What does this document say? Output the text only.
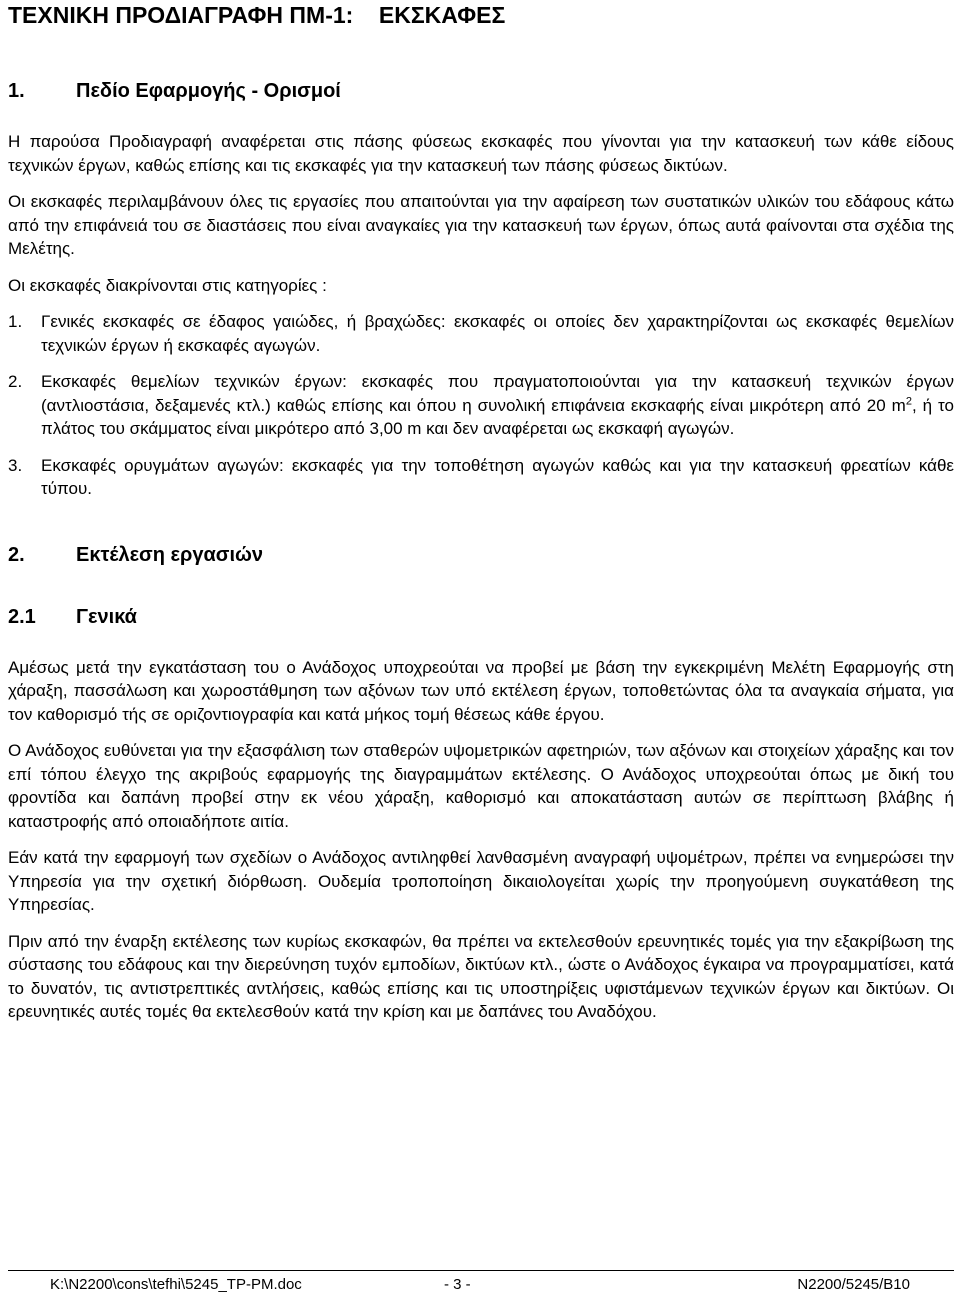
ΤΕΧΝΙΚΗ ΠΡΟΔΙΑΓΡΑΦΗ ΠΜ-1:    ΕΚΣΚΑΦΕΣ
1.	Πεδίο Εφαρμογής - Ορισμοί

Η παρούσα Προδιαγραφή αναφέρεται στις πάσης φύσεως εκσκαφές που γίνονται για την κατασκευή των κάθε είδους τεχνικών έργων, καθώς επίσης και τις εκσκαφές για την κατασκευή των πάσης φύσεως δικτύων.

Οι εκσκαφές περιλαμβάνουν όλες τις εργασίες που απαιτούνται για την αφαίρεση των συστατικών υλικών του εδάφους κάτω από την επιφάνειά του σε διαστάσεις που είναι αναγκαίες για την κατασκευή των έργων, όπως αυτά φαίνονται στα σχέδια της Μελέτης.

Οι εκσκαφές διακρίνονται στις κατηγορίες :

1.	Γενικές εκσκαφές σε έδαφος γαιώδες, ή βραχώδες: εκσκαφές οι οποίες δεν χαρακτηρίζονται ως εκσκαφές θεμελίων τεχνικών έργων ή εκσκαφές αγωγών.
2.	Εκσκαφές θεμελίων τεχνικών έργων: εκσκαφές που πραγματοποιούνται για την κατασκευή τεχνικών έργων (αντλιοστάσια, δεξαμενές κτλ.) καθώς επίσης και όπου η συνολική επιφάνεια εκσκαφής είναι μικρότερη από 20 $m^2$, ή το πλάτος του σκάμματος είναι μικρότερο από 3,00 m και δεν αναφέρεται ως εκσκαφή αγωγών.
3.	Εκσκαφές ορυγμάτων αγωγών: εκσκαφές για την τοποθέτηση αγωγών καθώς και για την κατασκευή φρεατίων κάθε τύπου.
2.	Εκτέλεση εργασιών
2.1	Γενικά

Αμέσως μετά την εγκατάσταση του ο Ανάδοχος υποχρεούται να προβεί με βάση την εγκεκριμένη Μελέτη Εφαρμογής στη χάραξη, πασσάλωση και χωροστάθμηση των αξόνων των υπό εκτέλεση έργων, τοποθετώντας όλα τα αναγκαία σήματα, για τον καθορισμό τής σε οριζοντιογραφία και κατά μήκος τομή θέσεως κάθε έργου.

Ο Ανάδοχος ευθύνεται για την εξασφάλιση των σταθερών υψομετρικών αφετηριών, των αξόνων και στοιχείων χάραξης και τον επί τόπου έλεγχο της ακριβούς εφαρμογής της διαγραμμάτων εκτέλεσης. Ο Ανάδοχος υποχρεούται όπως με δική του φροντίδα και δαπάνη προβεί στην εκ νέου χάραξη, καθορισμό και αποκατάσταση αυτών σε περίπτωση βλάβης ή καταστροφής από οποιαδήποτε αιτία.

Εάν κατά την εφαρμογή των σχεδίων ο Ανάδοχος αντιληφθεί λανθασμένη αναγραφή υψομέτρων, πρέπει να ενημερώσει την Υπηρεσία για την σχετική διόρθωση. Ουδεμία τροποποίηση δικαιολογείται χωρίς την προηγούμενη συγκατάθεση της Υπηρεσίας.

Πριν από την έναρξη εκτέλεσης των κυρίως εκσκαφών, θα πρέπει να εκτελεσθούν ερευνητικές τομές για την εξακρίβωση της σύστασης του εδάφους και την διερεύνηση τυχόν εμποδίων, δικτύων κτλ., ώστε ο Ανάδοχος έγκαιρα να προγραμματίσει, κατά το δυνατόν, τις αντιστρεπτικές αντλήσεις, καθώς επίσης και τις υποστηρίξεις υφιστάμενων τεχνικών έργων και δικτύων. Οι ερευνητικές αυτές τομές θα εκτελεσθούν κατά την κρίση και με δαπάνες του Αναδόχου.

K:\N2200\cons\tefhi\5245_TP-PM.doc	- 3 -	N2200/5245/B10
